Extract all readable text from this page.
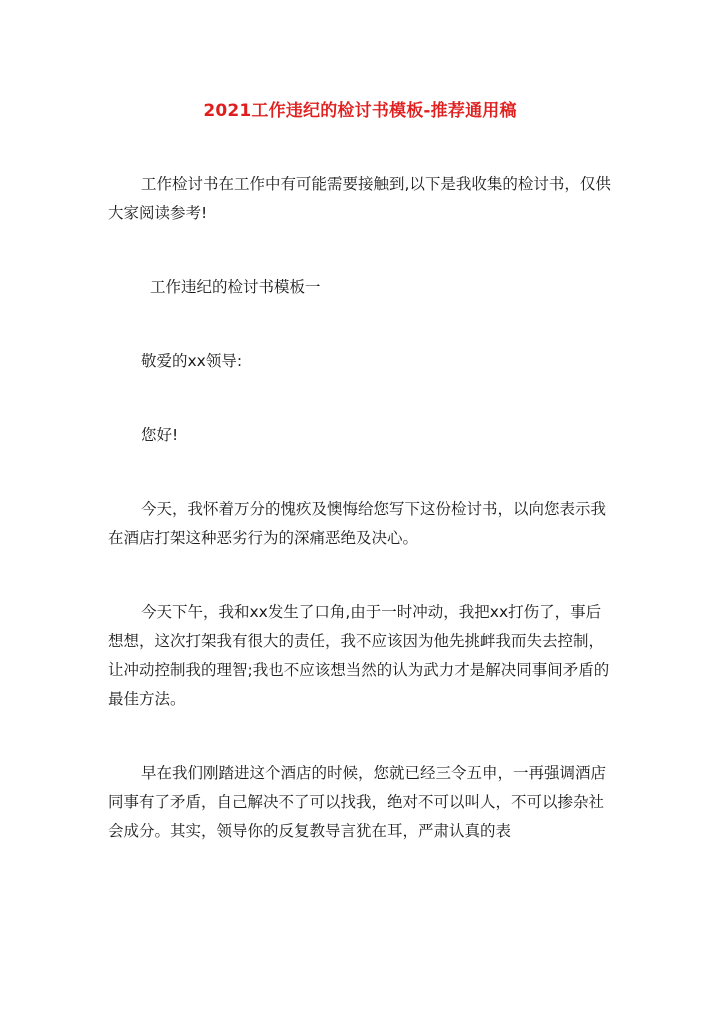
2021工作违纪的检讨书模板-推荐通用稿

工作检讨书在工作中有可能需要接触到,以下是我收集的检讨书，仅供大家阅读参考!

工作违纪的检讨书模板一

敬爱的xx领导:

您好!

今天，我怀着万分的愧疚及懊悔给您写下这份检讨书，以向您表示我在酒店打架这种恶劣行为的深痛恶绝及决心。

今天下午，我和xx发生了口角,由于一时冲动，我把xx打伤了，事后想想，这次打架我有很大的责任，我不应该因为他先挑衅我而失去控制，让冲动控制我的理智;我也不应该想当然的认为武力才是解决同事间矛盾的最佳方法。

早在我们刚踏进这个酒店的时候，您就已经三令五申，一再强调酒店同事有了矛盾，自己解决不了可以找我，绝对不可以叫人，不可以掺杂社会成分。其实，领导你的反复教导言犹在耳，严肃认真的表
